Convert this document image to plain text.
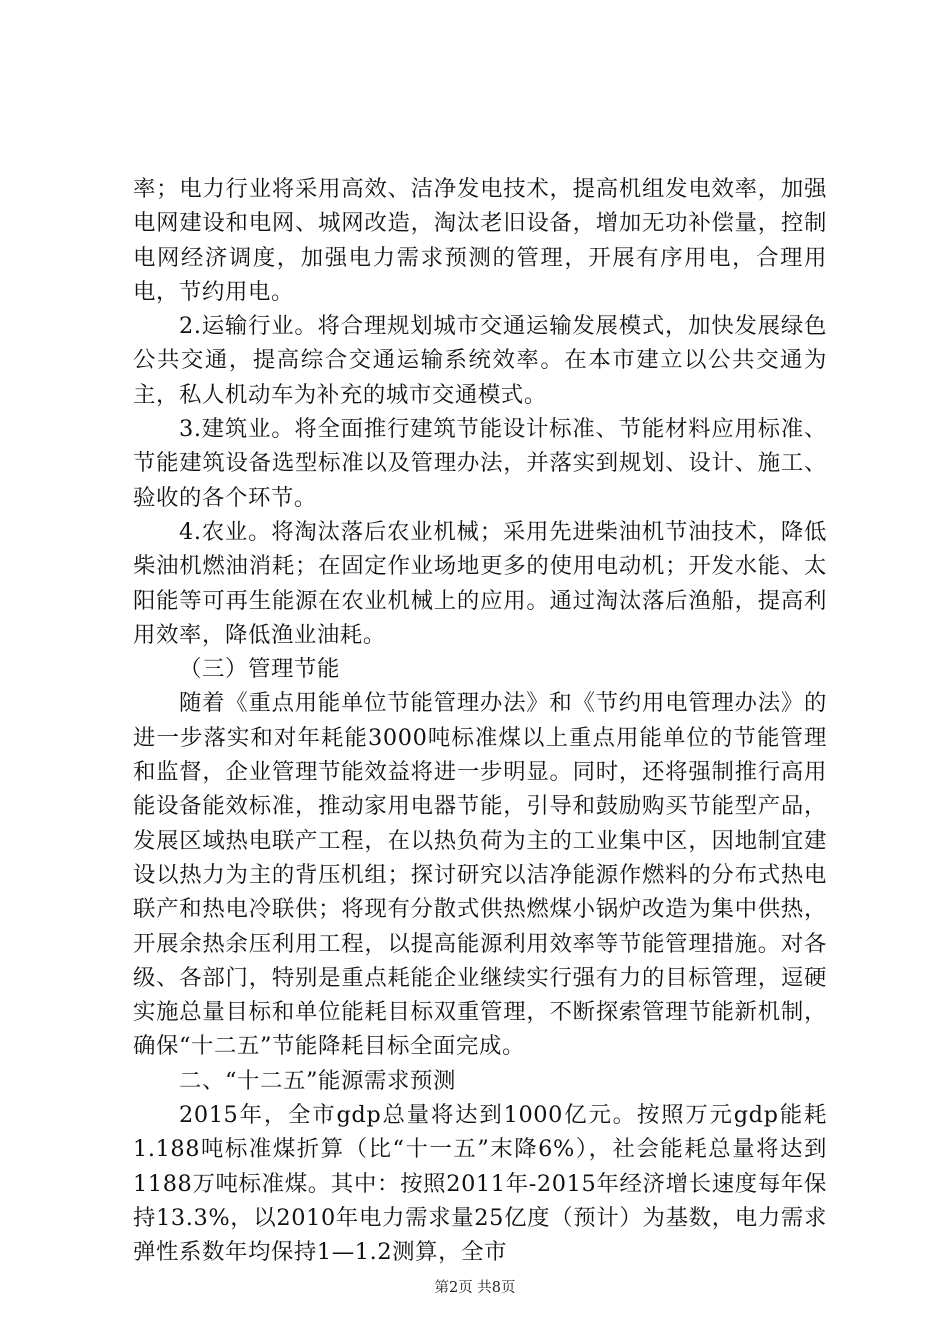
率；电力行业将采用高效、洁净发电技术，提高机组发电效率，加强电网建设和电网、城网改造，淘汰老旧设备，增加无功补偿量，控制电网经济调度，加强电力需求预测的管理，开展有序用电，合理用电，节约用电。

2.运输行业。将合理规划城市交通运输发展模式，加快发展绿色公共交通，提高综合交通运输系统效率。在本市建立以公共交通为主，私人机动车为补充的城市交通模式。

3.建筑业。将全面推行建筑节能设计标准、节能材料应用标准、节能建筑设备选型标准以及管理办法，并落实到规划、设计、施工、验收的各个环节。

4.农业。将淘汰落后农业机械；采用先进柴油机节油技术，降低柴油机燃油消耗；在固定作业场地更多的使用电动机；开发水能、太阳能等可再生能源在农业机械上的应用。通过淘汰落后渔船，提高利用效率，降低渔业油耗。

（三）管理节能

随着《重点用能单位节能管理办法》和《节约用电管理办法》的进一步落实和对年耗能3000吨标准煤以上重点用能单位的节能管理和监督，企业管理节能效益将进一步明显。同时，还将强制推行高用能设备能效标准，推动家用电器节能，引导和鼓励购买节能型产品，发展区域热电联产工程，在以热负荷为主的工业集中区，因地制宜建设以热力为主的背压机组；探讨研究以洁净能源作燃料的分布式热电联产和热电冷联供；将现有分散式供热燃煤小锅炉改造为集中供热，开展余热余压利用工程，以提高能源利用效率等节能管理措施。对各级、各部门，特别是重点耗能企业继续实行强有力的目标管理，逗硬实施总量目标和单位能耗目标双重管理，不断探索管理节能新机制，确保“十二五”节能降耗目标全面完成。

二、“十二五”能源需求预测

2015年，全市gdp总量将达到1000亿元。按照万元gdp能耗1.188吨标准煤折算（比“十一五”末降6%），社会能耗总量将达到1188万吨标准煤。其中：按照2011年-2015年经济增长速度每年保持13.3%，以2010年电力需求量25亿度（预计）为基数，电力需求弹性系数年均保持1—1.2测算，全市

第2页 共8页
